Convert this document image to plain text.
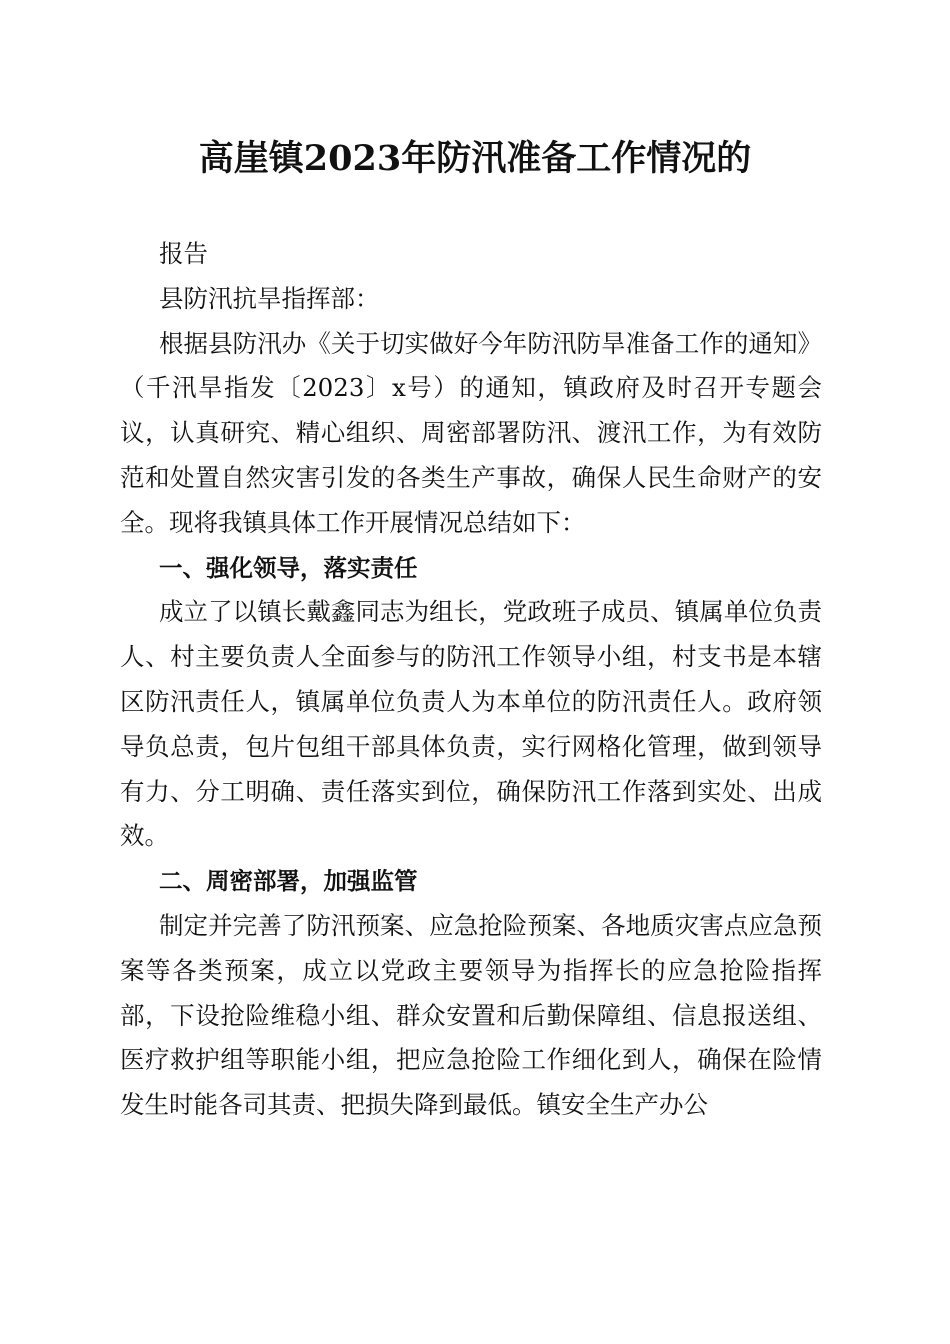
高崖镇2023年防汛准备工作情况的

报告

县防汛抗旱指挥部：

根据县防汛办《关于切实做好今年防汛防旱准备工作的通知》（千汛旱指发〔2023〕x号）的通知，镇政府及时召开专题会议，认真研究、精心组织、周密部署防汛、渡汛工作，为有效防范和处置自然灾害引发的各类生产事故，确保人民生命财产的安全。现将我镇具体工作开展情况总结如下：

一、强化领导，落实责任

成立了以镇长戴鑫同志为组长，党政班子成员、镇属单位负责人、村主要负责人全面参与的防汛工作领导小组，村支书是本辖区防汛责任人，镇属单位负责人为本单位的防汛责任人。政府领导负总责，包片包组干部具体负责，实行网格化管理，做到领导有力、分工明确、责任落实到位，确保防汛工作落到实处、出成效。

二、周密部署，加强监管

制定并完善了防汛预案、应急抢险预案、各地质灾害点应急预案等各类预案，成立以党政主要领导为指挥长的应急抢险指挥部，下设抢险维稳小组、群众安置和后勤保障组、信息报送组、医疗救护组等职能小组，把应急抢险工作细化到人，确保在险情发生时能各司其责、把损失降到最低。镇安全生产办公
